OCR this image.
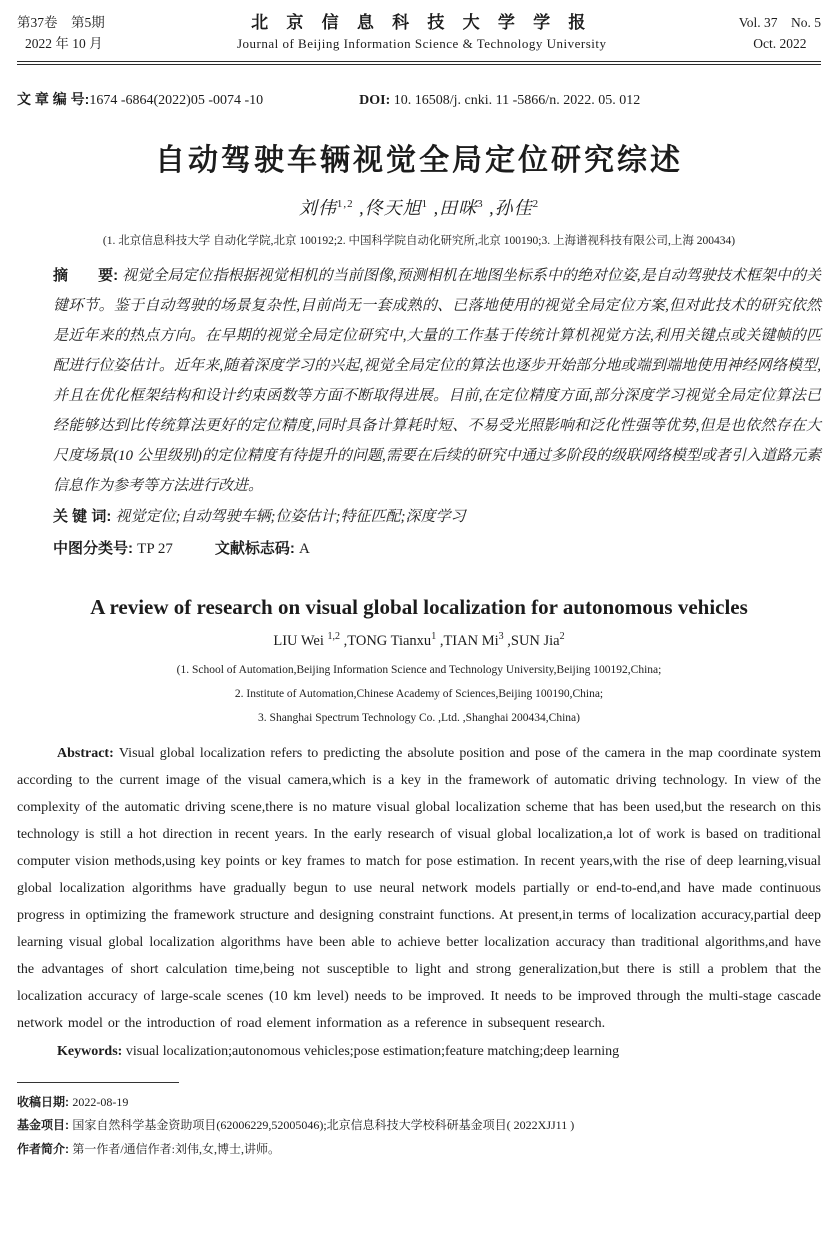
第37卷　第5期
2022 年 10 月
北 京 信 息 科 技 大 学 学 报
Journal of Beijing Information Science & Technology University
Vol. 37　No. 5
Oct. 2022
文 章 编 号:1674 -6864(2022)05 -0074 -10	DOI: 10. 16508/j. cnki. 11 -5866/n. 2022. 05. 012
自动驾驶车辆视觉全局定位研究综述
刘伟$^{1,2}$ ,佟天旭$^1$ ,田咪$^3$ ,孙佳$^2$
(1. 北京信息科技大学 自动化学院,北京 100192;2. 中国科学院自动化研究所,北京 100190;3. 上海谱视科技有限公司,上海 200434)

摘　　要: 视觉全局定位指根据视觉相机的当前图像,预测相机在地图坐标系中的绝对位姿,是自动驾驶技术框架中的关键环节。鉴于自动驾驶的场景复杂性,目前尚无一套成熟的、已落地使用的视觉全局定位方案,但对此技术的研究依然是近年来的热点方向。在早期的视觉全局定位研究中,大量的工作基于传统计算机视觉方法,利用关键点或关键帧的匹配进行位姿估计。近年来,随着深度学习的兴起,视觉全局定位的算法也逐步开始部分地或端到端地使用神经网络模型,并且在优化框架结构和设计约束函数等方面不断取得进展。目前,在定位精度方面,部分深度学习视觉全局定位算法已经能够达到比传统算法更好的定位精度,同时具备计算耗时短、不易受光照影响和泛化性强等优势,但是也依然存在大尺度场景(10 公里级别)的定位精度有待提升的问题,需要在后续的研究中通过多阶段的级联网络模型或者引入道路元素信息作为参考等方法进行改进。

关 键 词: 视觉定位;自动驾驶车辆;位姿估计;特征匹配;深度学习

中图分类号: TP 27	文献标志码: A

A review of research on visual global localization for autonomous vehicles
LIU Wei $^{1,2}$ ,TONG Tianxu$^1$ ,TIAN Mi$^3$ ,SUN Jia$^2$
(1. School of Automation,Beijing Information Science and Technology University,Beijing 100192,China;
2. Institute of Automation,Chinese Academy of Sciences,Beijing 100190,China;
3. Shanghai Spectrum Technology Co. ,Ltd. ,Shanghai 200434,China)

Abstract: Visual global localization refers to predicting the absolute position and pose of the camera in the map coordinate system according to the current image of the visual camera,which is a key in the framework of automatic driving technology. In view of the complexity of the automatic driving scene,there is no mature visual global localization scheme that has been used,but the research on this technology is still a hot direction in recent years. In the early research of visual global localization,a lot of work is based on traditional computer vision methods,using key points or key frames to match for pose estimation. In recent years,with the rise of deep learning,visual global localization algorithms have gradually begun to use neural network models partially or end-to-end,and have made continuous progress in optimizing the framework structure and designing constraint functions. At present,in terms of localization accuracy,partial deep learning visual global localization algorithms have been able to achieve better localization accuracy than traditional algorithms,and have the advantages of short calculation time,being not susceptible to light and strong generalization,but there is still a problem that the localization accuracy of large-scale scenes (10 km level) needs to be improved. It needs to be improved through the multi-stage cascade network model or the introduction of road element information as a reference in subsequent research.

Keywords: visual localization;autonomous vehicles;pose estimation;feature matching;deep learning

收稿日期: 2022-08-19
基金项目: 国家自然科学基金资助项目(62006229,52005046);北京信息科技大学校科研基金项目( 2022XJJ11 )
作者简介: 第一作者/通信作者:刘伟,女,博士,讲师。
